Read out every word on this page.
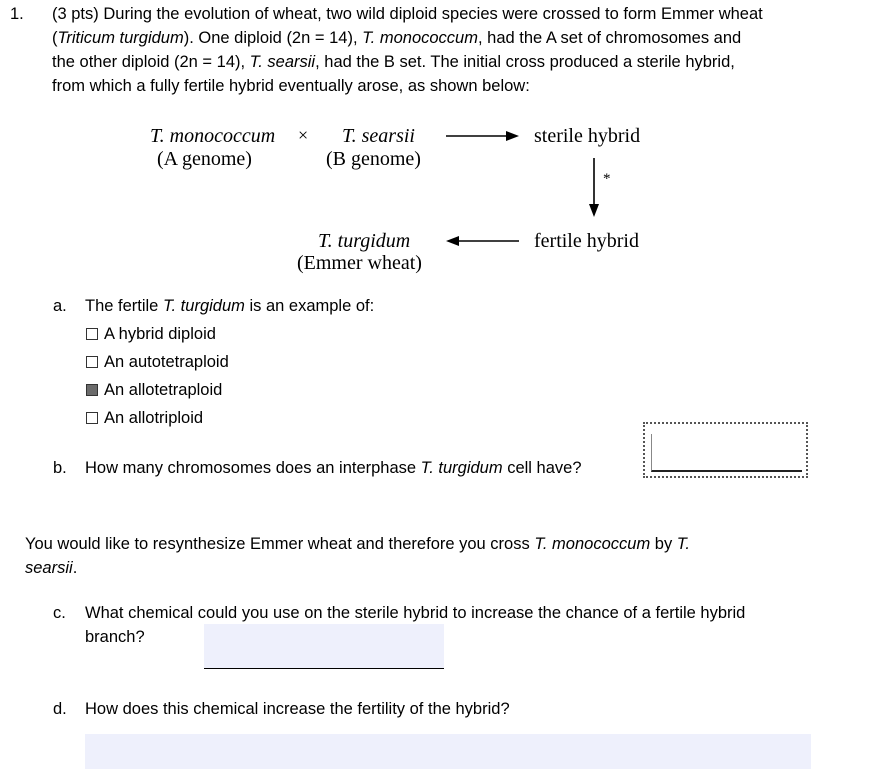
1. (3 pts) During the evolution of wheat, two wild diploid species were crossed to form Emmer wheat
(Triticum turgidum). One diploid (2n = 14), T. monococcum, had the A set of chromosomes and
the other diploid (2n = 14), T. searsii, had the B set. The initial cross produced a sterile hybrid,
from which a fully fertile hybrid eventually arose, as shown below:
T. monococcum
(A genome)
× T. searsii
(B genome)
sterile hybrid
*
fertile hybrid
T. turgidum
(Emmer wheat)
a. The fertile T. turgidum is an example of:
A hybrid diploid
An autotetraploid
An allotetraploid
An allotriploid
b. How many chromosomes does an interphase T. turgidum cell have?
You would like to resynthesize Emmer wheat and therefore you cross T. monococcum by T.
searsii.
c. What chemical could you use on the sterile hybrid to increase the chance of a fertile hybrid
branch?
d. How does this chemical increase the fertility of the hybrid?
